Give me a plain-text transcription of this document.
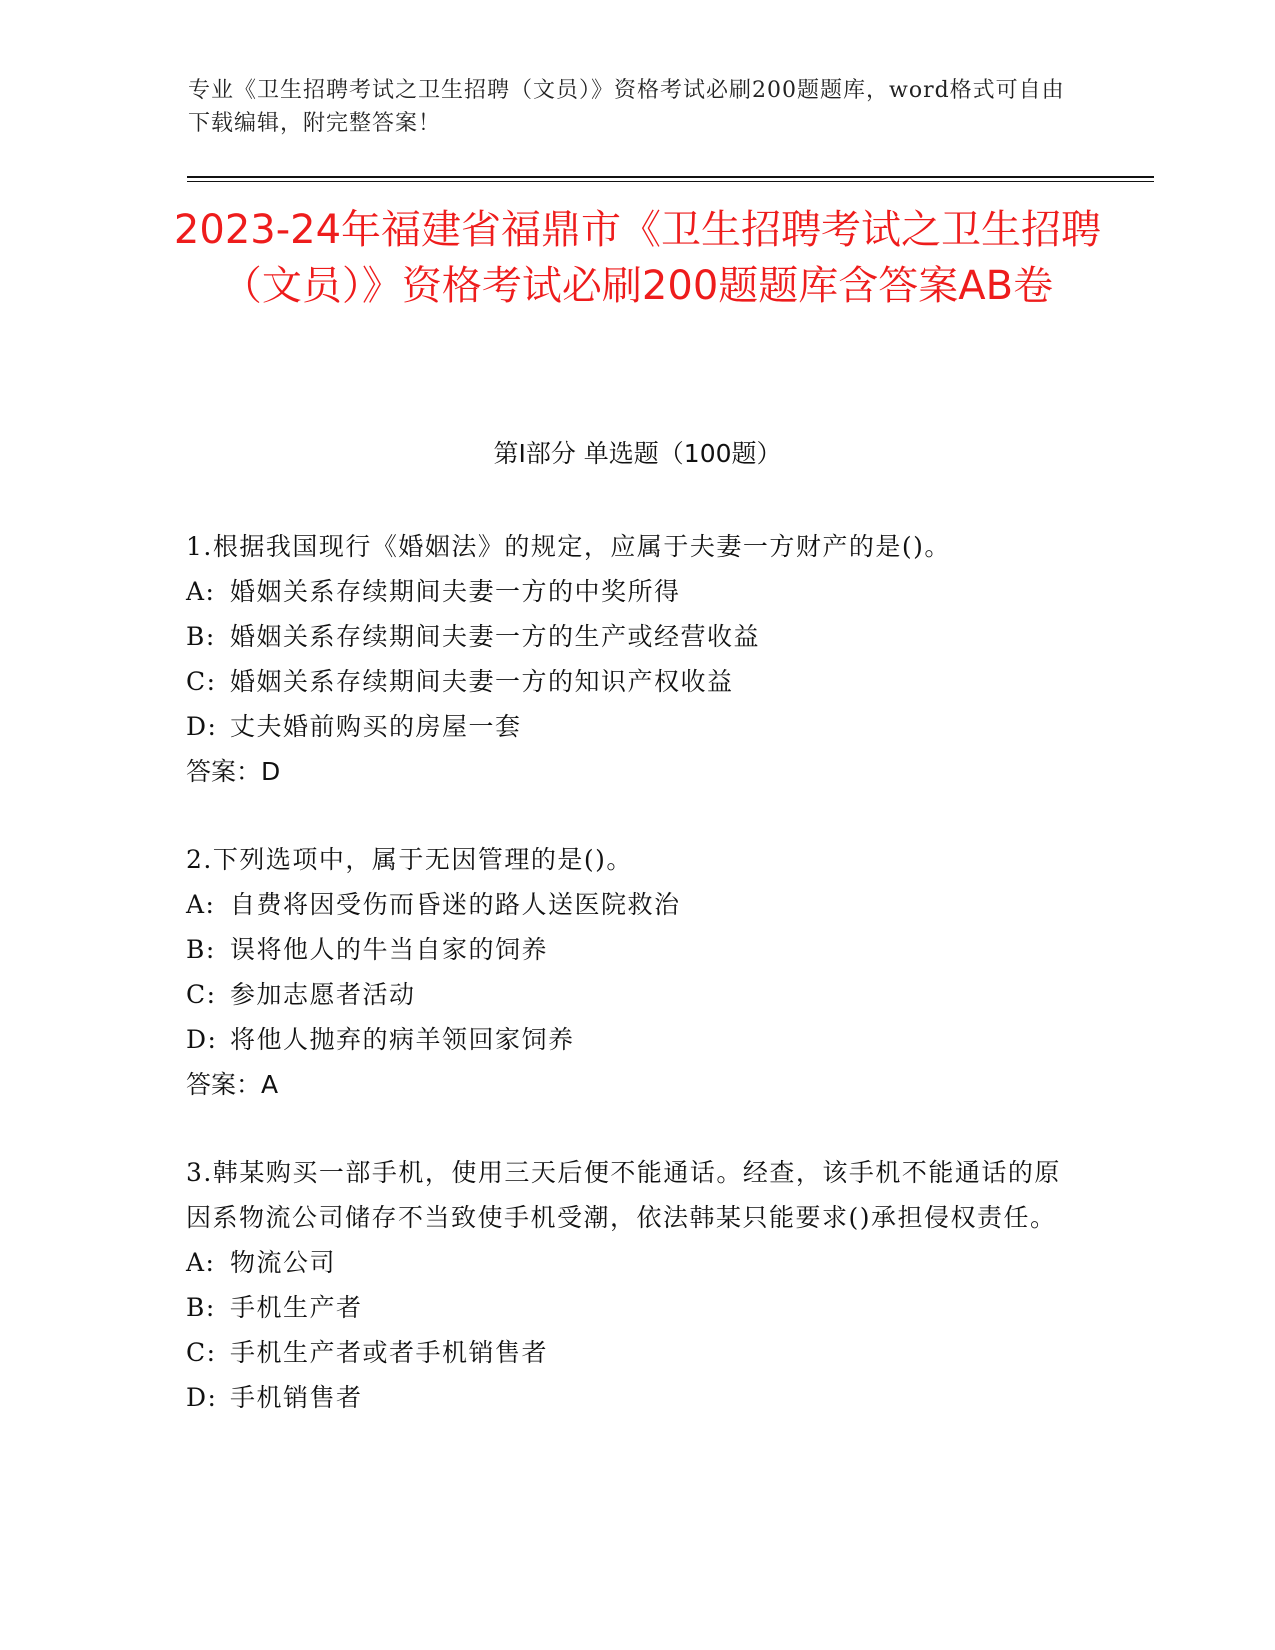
专业《卫生招聘考试之卫生招聘（文员）》资格考试必刷200题题库，word格式可自由下载编辑，附完整答案！
2023-24年福建省福鼎市《卫生招聘考试之卫生招聘（文员）》资格考试必刷200题题库含答案AB卷
第Ⅰ部分 单选题（100题）
1.根据我国现行《婚姻法》的规定，应属于夫妻一方财产的是()。
A: 婚姻关系存续期间夫妻一方的中奖所得
B: 婚姻关系存续期间夫妻一方的生产或经营收益
C: 婚姻关系存续期间夫妻一方的知识产权收益
D: 丈夫婚前购买的房屋一套
答案：D
2.下列选项中，属于无因管理的是()。
A: 自费将因受伤而昏迷的路人送医院救治
B: 误将他人的牛当自家的饲养
C: 参加志愿者活动
D: 将他人抛弃的病羊领回家饲养
答案：A
3.韩某购买一部手机，使用三天后便不能通话。经查，该手机不能通话的原因系物流公司储存不当致使手机受潮，依法韩某只能要求()承担侵权责任。
A: 物流公司
B: 手机生产者
C: 手机生产者或者手机销售者
D: 手机销售者
